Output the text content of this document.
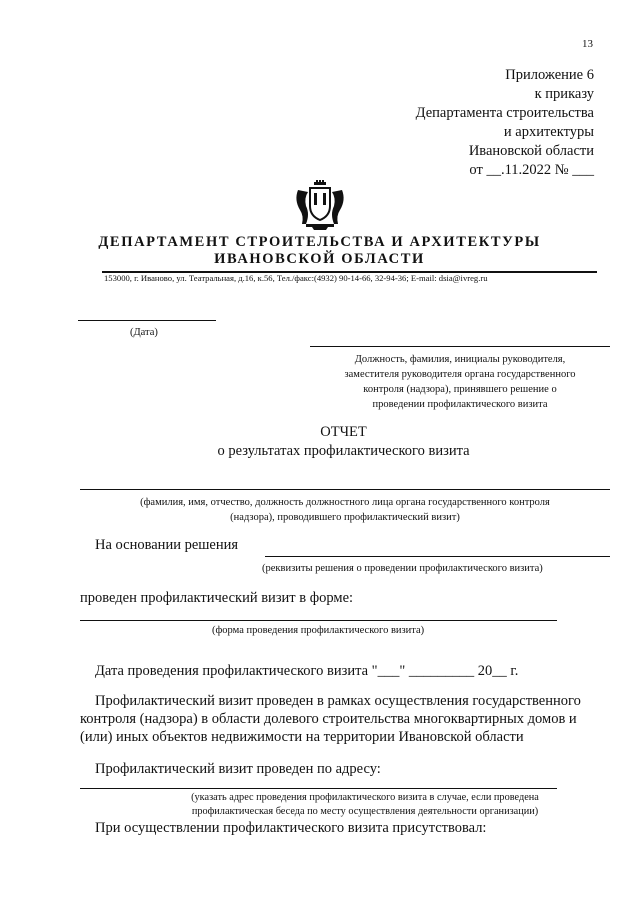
13
Приложение 6
к приказу
Департамента строительства
и архитектуры
Ивановской области
от __.11.2022 № ___
ДЕПАРТАМЕНТ СТРОИТЕЛЬСТВА И АРХИТЕКТУРЫ
ИВАНОВСКОЙ ОБЛАСТИ
153000, г. Иваново, ул. Театральная, д.16, к.56, Тел./факс:(4932) 90-14-66, 32-94-36; E-mail: dsia@ivreg.ru
(Дата)
Должность, фамилия, инициалы руководителя,
заместителя руководителя органа государственного
контроля (надзора), принявшего решение о
проведении профилактического визита
ОТЧЕТ
о результатах профилактического визита
(фамилия, имя, отчество, должность должностного лица органа государственного контроля
(надзора), проводившего профилактический визит)
На основании решения
(реквизиты решения о проведении профилактического визита)
проведен профилактический визит в форме:
(форма проведения профилактического визита)
Дата проведения профилактического визита "___" _________ 20__ г.
Профилактический визит проведен в рамках осуществления государственного
контроля (надзора) в области долевого строительства многоквартирных домов и
(или) иных объектов недвижимости на территории Ивановской области
Профилактический визит проведен по адресу:
(указать адрес проведения профилактического визита в случае, если проведена
профилактическая беседа по месту осуществления деятельности организации)
При осуществлении профилактического визита присутствовал:
